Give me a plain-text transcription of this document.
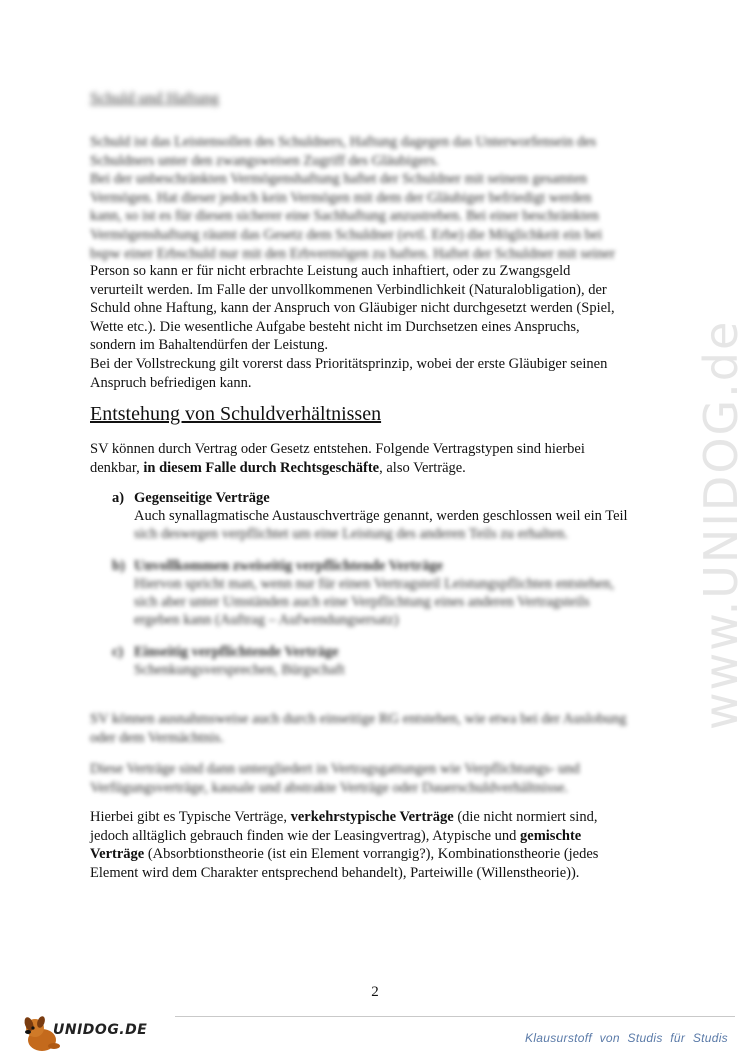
Schuld und Haftung
Schuld ist das Leistensollen des Schuldners, Haftung dagegen das Unterworfensein des
Schuldners unter den zwangsweisen Zugriff des Gläubigers.
Bei der unbeschränkten Vermögenshaftung haftet der Schuldner mit seinem gesamten
Vermögen. Hat dieser jedoch kein Vermögen mit dem der Gläubiger befriedigt werden
kann, so ist es für diesen sicherer eine Sachhaftung anzustreben. Bei einer beschränkten
Vermögenshaftung räumt das Gesetz dem Schuldner (evtl. Erbe) die Möglichkeit ein bei
bspw einer Erbschuld nur mit den Erbvermögen zu haften. Haftet der Schuldner mit seiner
Person so kann er für nicht erbrachte Leistung auch inhaftiert, oder zu Zwangsgeld
verurteilt werden. Im Falle der unvollkommenen Verbindlichkeit (Naturalobligation), der
Schuld ohne Haftung, kann der Anspruch von Gläubiger nicht durchgesetzt werden (Spiel,
Wette etc.). Die wesentliche Aufgabe besteht nicht im Durchsetzen eines Anspruchs,
sondern im Bahaltendürfen der Leistung.
Bei der Vollstreckung gilt vorerst dass Prioritätsprinzip, wobei der erste Gläubiger seinen
Anspruch befriedigen kann.
Entstehung von Schuldverhältnissen
SV können durch Vertrag oder Gesetz entstehen. Folgende Vertragstypen sind hierbei
denkbar, in diesem Falle durch Rechtsgeschäfte, also Verträge.
a) Gegenseitige Verträge
Auch synallagmatische Austauschverträge genannt, werden geschlossen weil ein Teil
sich deswegen verpflichtet um eine Leistung des anderen Teils zu erhalten.
b) Unvollkommen zweiseitig verpflichtende Verträge
Hiervon spricht man, wenn nur für einen Vertragsteil Leistungspflichten entstehen,
sich aber unter Umständen auch eine Verpflichtung eines anderen Vertragsteils
ergeben kann (Auftrag – Aufwendungsersatz)
c) Einseitig verpflichtende Verträge
Schenkungsversprechen, Bürgschaft
SV können ausnahmsweise auch durch einseitige RG entstehen, wie etwa bei der Auslobung
oder dem Vermächtnis.
Diese Verträge sind dann untergliedert in Vertragsgattungen wie Verpflichtungs- und
Verfügungsverträge, kausale und abstrakte Verträge oder Dauerschuldverhältnisse.
Hierbei gibt es Typische Verträge, verkehrstypische Verträge (die nicht normiert sind,
jedoch alltäglich gebrauch finden wie der Leasingvertrag), Atypische und gemischte
Verträge (Absorbtionstheorie (ist ein Element vorrangig?), Kombinationstheorie (jedes
Element wird dem Charakter entsprechend behandelt), Parteiwille (Willenstheorie)).
www.UNIDOG.de
2
UNIDOG.DE	Klausurstoff von Studis für Studis
